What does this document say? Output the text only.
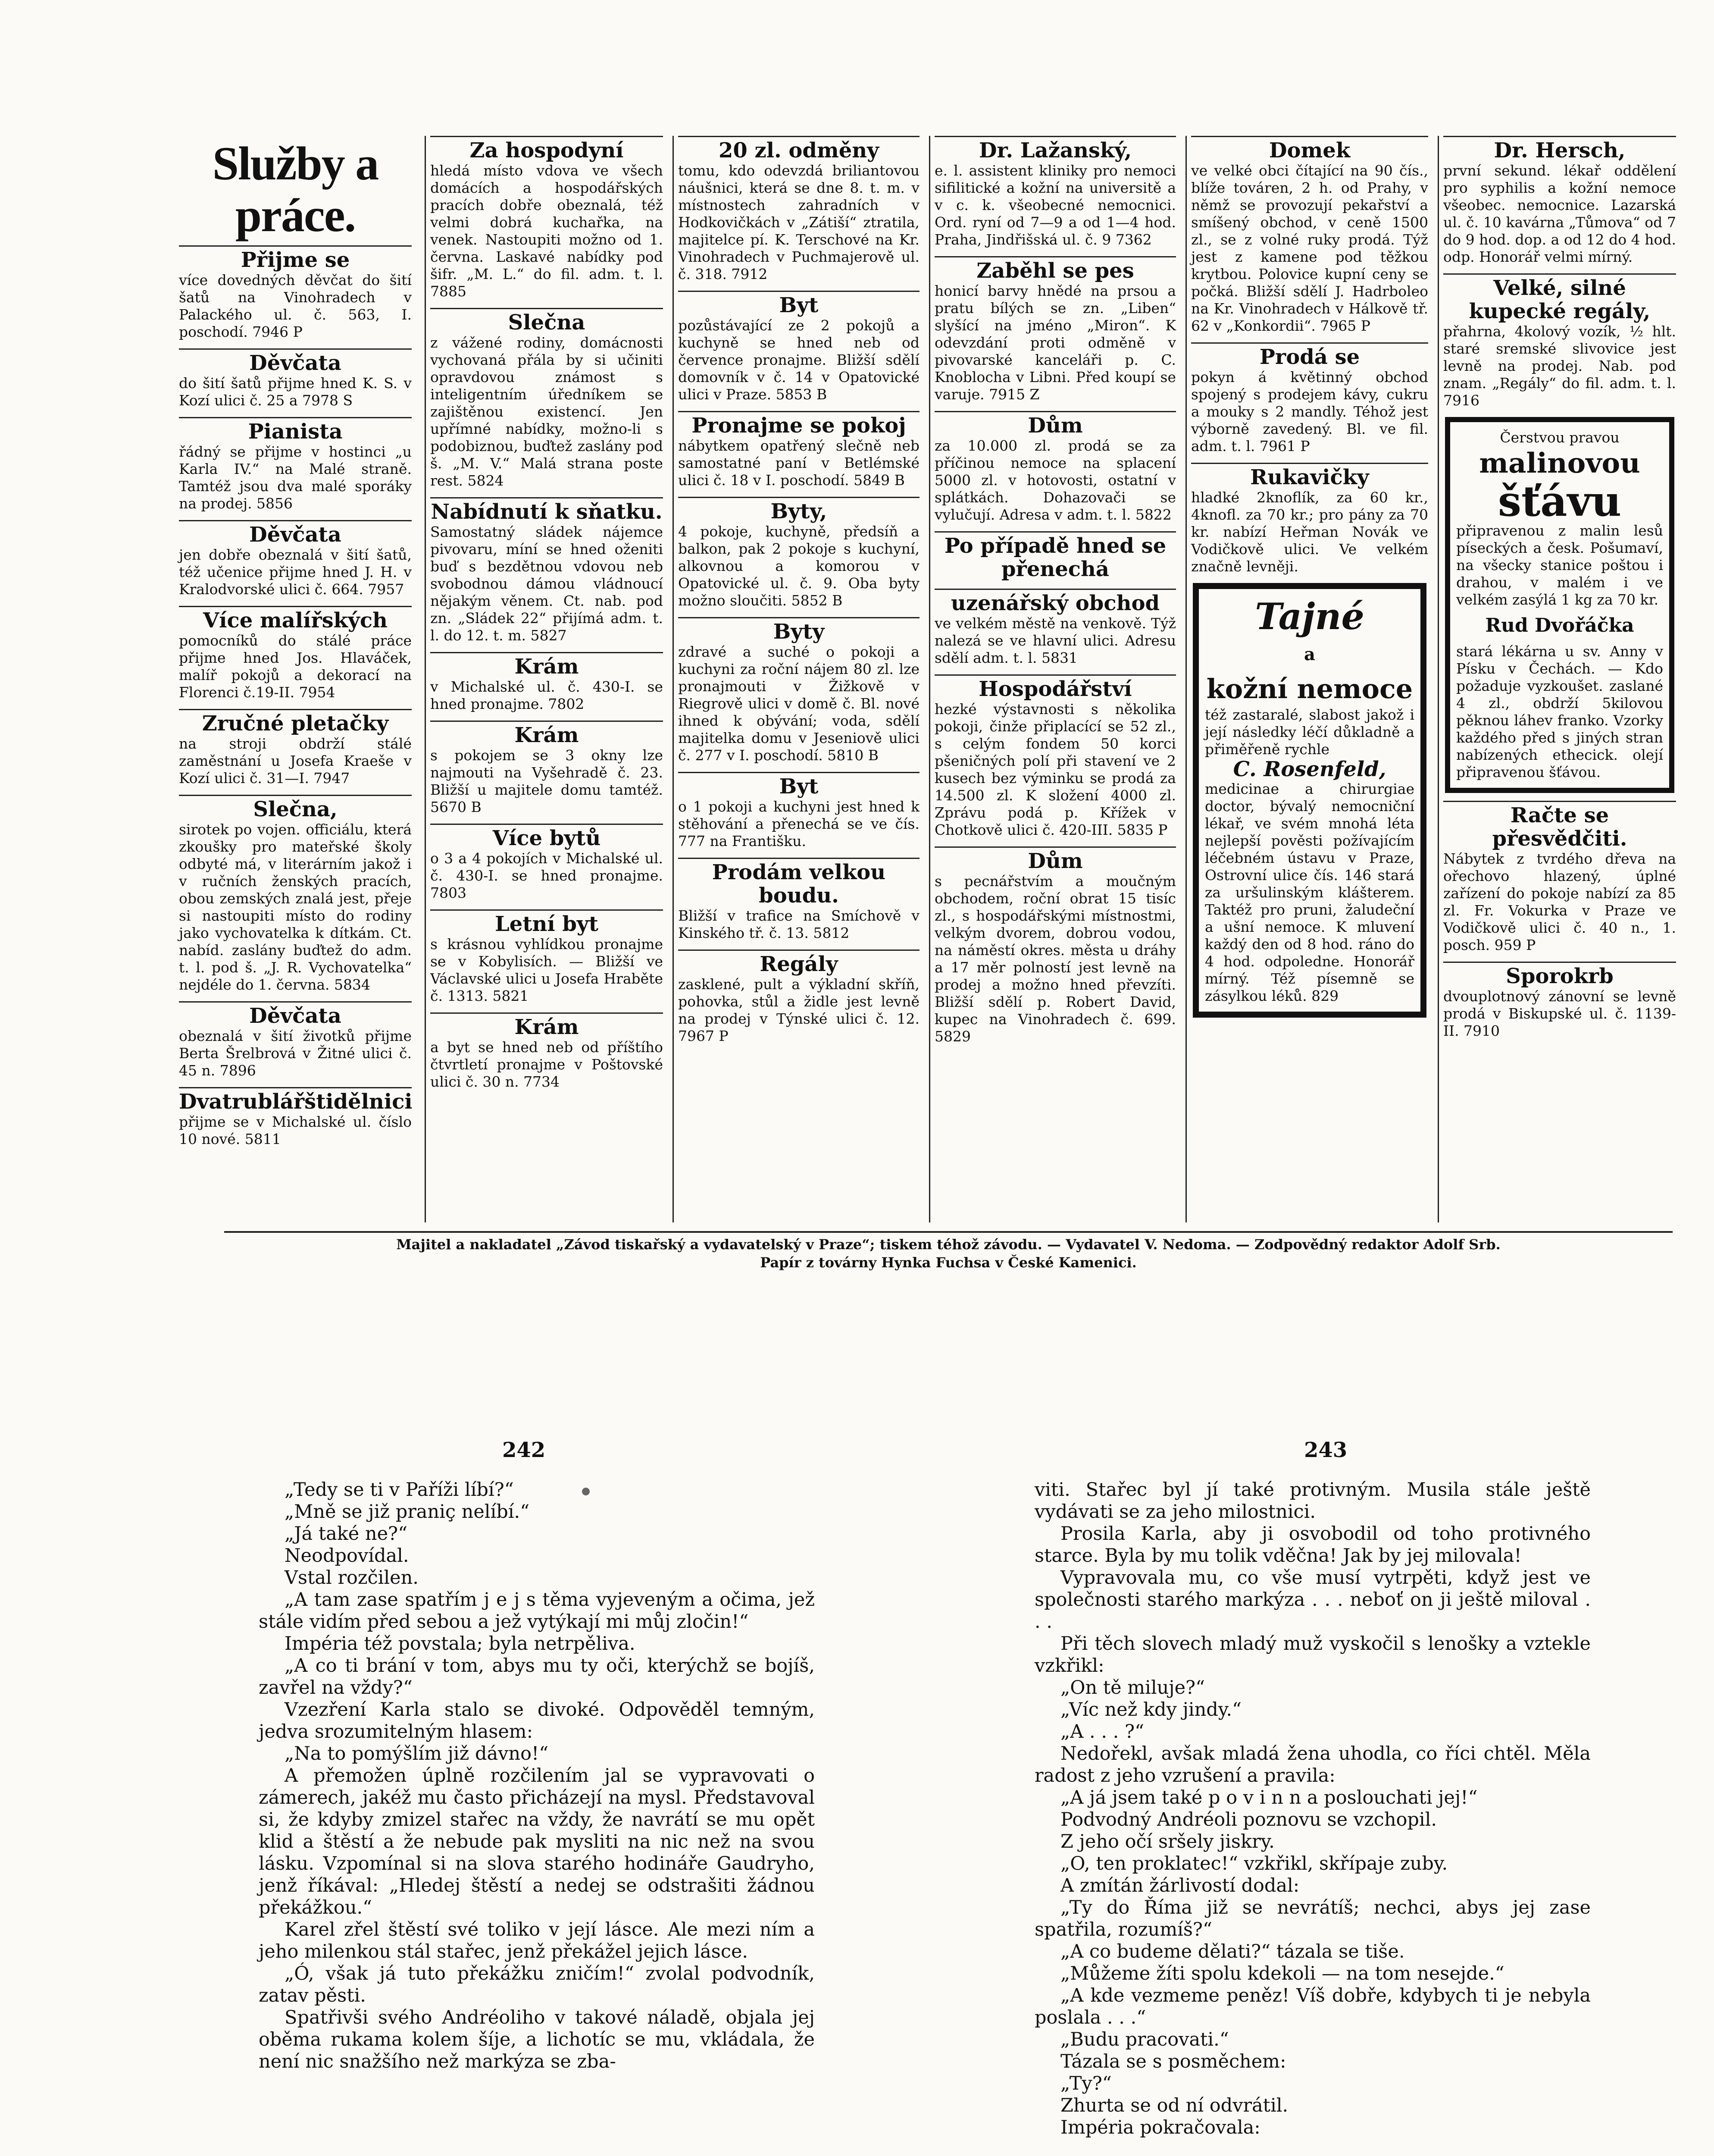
Služby a práce.
Přijme se

více dovedných děvčat do šití šatů na Vinohradech v Palackého ul. č. 563, I. poschodí. 7946 P

Děvčata

do šití šatů přijme hned K. S. v Kozí ulici č. 25 a 7978 S

Pianista

řádný se přijme v hostinci „u Karla IV.“ na Malé straně. Tamtéž jsou dva malé sporáky na prodej. 5856

Děvčata

jen dobře obeznalá v šití šatů, též učenice přijme hned J. H. v Kralodvorské ulici č. 664. 7957

Více malířských

pomocníků do stálé práce přijme hned Jos. Hlaváček, malíř pokojů a dekorací na Florenci č.19-II. 7954

Zručné pletačky

na stroji obdrží stálé zaměstnání u Josefa Kraeše v Kozí ulici č. 31—I. 7947

Slečna,

sirotek po vojen. officiálu, která zkoušky pro mateřské školy odbyté má, v literárním jakož i v ručních ženských pracích, obou zemských znalá jest, přeje si nastoupiti místo do rodiny jako vychovatelka k dítkám. Ct. nabíd. zaslány buďtež do adm. t. l. pod š. „J. R. Vychovatelka“ nejdéle do 1. června. 5834

Děvčata

obeznalá v šití životků přijme Berta Šrelbrová v Žitné ulici č. 45 n. 7896

Dvatrublářštidělnici

přijme se v Michalské ul. číslo 10 nové. 5811

Za hospodyní

hledá místo vdova ve všech domácích a hospodářských pracích dobře obeznalá, též velmi dobrá kuchařka, na venek. Nastoupiti možno od 1. června. Laskavé nabídky pod šifr. „M. L.“ do fil. adm. t. l. 7885

Slečna

z vážené rodiny, domácnosti vychovaná přála by si učiniti opravdovou známost s inteligentním úředníkem se zajištěnou existencí. Jen upřímné nabídky, možno-li s podobiznou, buďtež zaslány pod š. „M. V.“ Malá strana poste rest. 5824

Nabídnutí k sňatku.

Samostatný sládek nájemce pivovaru, míní se hned oženiti buď s bezdětnou vdovou neb svobodnou dámou vládnoucí nějakým věnem. Ct. nab. pod zn. „Sládek 22“ přijímá adm. t. l. do 12. t. m. 5827

Krám

v Michalské ul. č. 430-I. se hned pronajme. 7802

Krám

s pokojem se 3 okny lze najmouti na Vyšehradě č. 23. Bližší u majitele domu tamtéž. 5670 B

Více bytů

o 3 a 4 pokojích v Michalské ul. č. 430-I. se hned pronajme. 7803

Letní byt

s krásnou vyhlídkou pronajme se v Kobylisích. — Bližší ve Václavské ulici u Josefa Hraběte č. 1313. 5821

Krám

a byt se hned neb od příštího čtvrtletí pronajme v Poštovské ulici č. 30 n. 7734

20 zl. odměny

tomu, kdo odevzdá briliantovou náušnici, která se dne 8. t. m. v místnostech zahradních v Hodkovičkách v „Zátiší“ ztratila, majitelce pí. K. Terschové na Kr. Vinohradech v Puchmajerově ul. č. 318. 7912

Byt

pozůstávající ze 2 pokojů a kuchyně se hned neb od července pronajme. Bližší sdělí domovník v č. 14 v Opatovické ulici v Praze. 5853 B

Pronajme se pokoj

nábytkem opatřený slečně neb samostatné paní v Betlémské ulici č. 18 v I. poschodí. 5849 B

Byty,

4 pokoje, kuchyně, předsíň a balkon, pak 2 pokoje s kuchyní, alkovnou a komorou v Opatovické ul. č. 9. Oba byty možno sloučiti. 5852 B

Byty

zdravé a suché o pokoji a kuchyni za roční nájem 80 zl. lze pronajmouti v Žižkově v Riegrově ulici v domě č. Bl. nové ihned k obývání; voda, sdělí majitelka domu v Jeseniově ulici č. 277 v I. poschodí. 5810 B

Byt

o 1 pokoji a kuchyni jest hned k stěhování a přenechá se ve čís. 777 na Františku.

Prodám velkou boudu.

Bližší v trafice na Smíchově v Kinského tř. č. 13. 5812

Regály

zasklené, pult a výkladní skříň, pohovka, stůl a židle jest levně na prodej v Týnské ulici č. 12. 7967 P

Dr. Lažanský,

e. l. assistent kliniky pro nemoci sifilitické a kožní na universitě a v c. k. všeobecné nemocnici. Ord. ryní od 7—9 a od 1—4 hod. Praha, Jindřišská ul. č. 9 7362

Zaběhl se pes

honicí barvy hnědé na prsou a pratu bílých se zn. „Liben“ slyšící na jméno „Miron“. K odevzdání proti odměně v pivovarské kanceláři p. C. Knoblocha v Libni. Před koupí se varuje. 7915 Z

Dům

za 10.000 zl. prodá se za příčinou nemoce na splacení 5000 zl. v hotovosti, ostatní v splátkách. Dohazovači se vylučují. Adresa v adm. t. l. 5822

Po případě hned se přenechá

uzenářský obchod

ve velkém městě na venkově. Týž nalezá se ve hlavní ulici. Adresu sdělí adm. t. l. 5831

Hospodářství

hezké výstavnosti s několika pokoji, činže připlacící se 52 zl., s celým fondem 50 korci pšeničných polí při stavení ve 2 kusech bez výminku se prodá za 14.500 zl. K složení 4000 zl. Zprávu podá p. Křížek v Chotkově ulici č. 420-III. 5835 P

Dům

s pecnářstvím a moučným obchodem, roční obrat 15 tisíc zl., s hospodářskými místnostmi, velkým dvorem, dobrou vodou, na náměstí okres. města u dráhy a 17 měr polností jest levně na prodej a možno hned převzíti. Bližší sdělí p. Robert David, kupec na Vinohradech č. 699. 5829

Domek

ve velké obci čítající na 90 čís., blíže továren, 2 h. od Prahy, v němž se provozují pekařství a smíšený obchod, v ceně 1500 zl., se z volné ruky prodá. Týž jest z kamene pod těžkou krytbou. Polovice kupní ceny se počká. Bližší sdělí J. Hadrboleo na Kr. Vinohradech v Hálkově tř. 62 v „Konkordii“. 7965 P

Prodá se

pokyn á květinný obchod spojený s prodejem kávy, cukru a mouky s 2 mandly. Téhož jest výborně zavedený. Bl. ve fil. adm. t. l. 7961 P

Rukavičky

hladké 2knoflík, za 60 kr., 4knofl. za 70 kr.; pro pány za 70 kr. nabízí Heřman Novák ve Vodičkově ulici. Ve velkém značně levněji.

Tajné
a
kožní nemoce
též zastaralé, slabost jakož i její následky léčí důkladně a přiměřeně rychle
C. Rosenfeld,
medicinae a chirurgiae doctor, bývalý nemocniční lékař, ve svém mnohá léta nejlepší pověsti požívajícím léčebném ústavu v Praze, Ostrovní ulice čís. 146 stará za uršulinským klášterem. Taktéž pro pruni, žaludeční a ušní nemoce. K mluvení každý den od 8 hod. ráno do 4 hod. odpoledne. Honorář mírný. Též písemně se zásylkou léků. 829
Dr. Hersch,

první sekund. lékař oddělení pro syphilis a kožní nemoce všeobec. nemocnice. Lazarská ul. č. 10 kavárna „Tůmova“ od 7 do 9 hod. dop. a od 12 do 4 hod. odp. Honorář velmi mírný.

Velké, silné kupecké regály,

přahrna, 4kolový vozík, ½ hlt. staré sremské slivovice jest levně na prodej. Nab. pod znam. „Regály“ do fil. adm. t. l. 7916

Čerstvou pravou
malinovou
šťávu
připravenou z malin lesů píseckých a česk. Pošumaví, na všecky stanice poštou i drahou, v malém i ve velkém zasýlá 1 kg za 70 kr.
Rud Dvořáčka
stará lékárna u sv. Anny v Písku v Čechách. — Kdo požaduje vyzkoušet. zaslané 4 zl., obdrží 5kilovou pěknou láhev franko. Vzorky každého před s jiných stran nabízených ethecick. olejí připravenou šťávou.
Račte se přesvědčiti.

Nábytek z tvrdého dřeva na ořechovo hlazený, úplné zařízení do pokoje nabízí za 85 zl. Fr. Vokurka v Praze ve Vodičkově ulici č. 40 n., 1. posch. 959 P

Sporokrb

dvouplotnový zánovní se levně prodá v Biskupské ul. č. 1139-II. 7910

Majitel a nakladatel „Závod tiskařský a vydavatelský v Praze“; tiskem téhož závodu. — Vydavatel V. Nedoma. — Zodpovědný redaktor Adolf Srb.
Papír z továrny Hynka Fuchsa v České Kamenici.
242	243

„Tedy se ti v Paříži líbí?“

„Mně se již praniç nelíbí.“

„Já také ne?“

Neodpovídal.

Vstal rozčilen.

„A tam zase spatřím j e j s těma vyjeveným a očima, jež stále vidím před sebou a jež vytýkají mi můj zločin!“

Impéria též povstala; byla netrpěliva.

„A co ti brání v tom, abys mu ty oči, kterýchž se bojíš, zavřel na vždy?“

Vzezření Karla stalo se divoké. Odpověděl temným, jedva srozumitelným hlasem:

„Na to pomýšlím již dávno!“

A přemožen úplně rozčilením jal se vypravovati o zámerech, jakéž mu často přicházejí na mysl. Představoval si, že kdyby zmizel stařec na vždy, že navrátí se mu opět klid a štěstí a že nebude pak mysliti na nic než na svou lásku. Vzpomínal si na slova starého hodináře Gaudryho, jenž říkával: „Hledej štěstí a nedej se odstrašiti žádnou překážkou.“

Karel zřel štěstí své toliko v její lásce. Ale mezi ním a jeho milenkou stál stařec, jenž překážel jejich lásce.

„Ó, však já tuto překážku zničím!“ zvolal podvodník, zatav pěsti.

Spatřivši svého Andréoliho v takové náladě, objala jej oběma rukama kolem šíje, a lichotíc se mu, vkládala, že není nic snažšího než markýza se zba-

viti. Stařec byl jí také protivným. Musila stále ještě vydávati se za jeho milostnici.

Prosila Karla, aby ji osvobodil od toho protivného starce. Byla by mu tolik vděčna! Jak by jej milovala!

Vypravovala mu, co vše musí vytrpěti, když jest ve společnosti starého markýza . . . neboť on ji ještě miloval . . .

Při těch slovech mladý muž vyskočil s lenošky a vztekle vzkřikl:

„On tě miluje?“

„Víc než kdy jindy.“

„A . . . ?“

Nedořekl, avšak mladá žena uhodla, co říci chtěl. Měla radost z jeho vzrušení a pravila:

„A já jsem také p o v i n n a poslouchati jej!“

Podvodný Andréoli poznovu se vzchopil.

Z jeho očí sršely jiskry.

„O, ten proklatec!“ vzkřikl, skřípaje zuby.

A zmítán žárlivostí dodal:

„Ty do Říma již se nevrátíš; nechci, abys jej zase spatřila, rozumíš?“

„A co budeme dělati?“ tázala se tiše.

„Můžeme žíti spolu kdekoli — na tom nesejde.“

„A kde vezmeme peněz! Víš dobře, kdybych ti je nebyla poslala . . .“

„Budu pracovati.“

Tázala se s posměchem:

„Ty?“

Zhurta se od ní odvrátil.

Impéria pokračovala:
